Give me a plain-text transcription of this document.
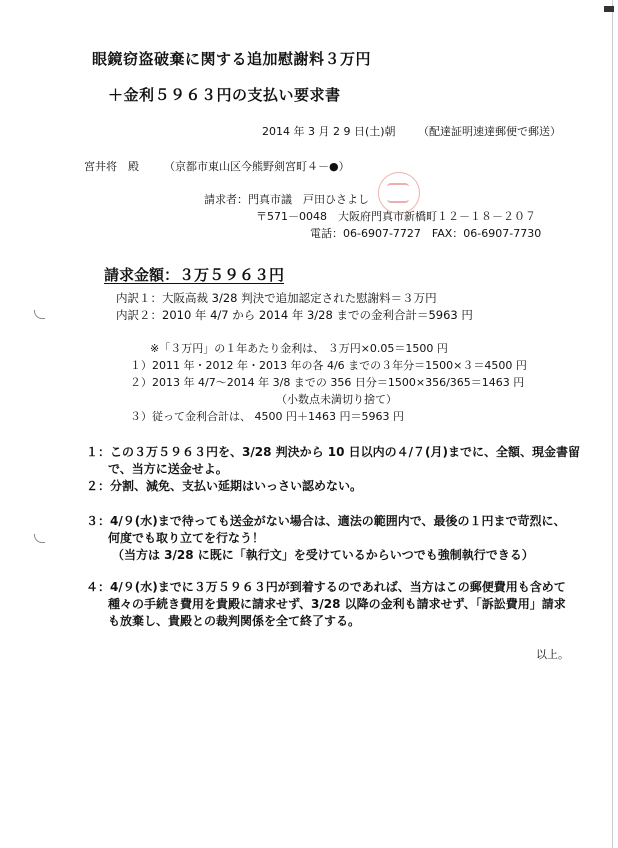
眼鏡窃盗破棄に関する追加慰謝料３万円
＋金利５９６３円の支払い要求書
2014 年 3 月 2 9 日(土)朝 （配達証明速達郵便で郵送）
宮井将　殿 （京都市東山区今熊野剣宮町４－●）
請求者：門真市議　戸田ひさよし
〒571－0048　大阪府門真市新橋町１２－１８－２０７
電話：06-6907-7727　FAX：06-6907-7730
請求金額：３万５９６３円
内訳１：大阪高裁 3/28 判決で追加認定された慰謝料＝３万円
内訳２：2010 年 4/7 から 2014 年 3/28 までの金利合計＝5963 円
※「３万円」の１年あたり金利は、 ３万円×0.05＝1500 円
１）2011 年・2012 年・2013 年の各 4/6 までの３年分＝1500×３＝4500 円
２）2013 年 4/7～2014 年 3/8 までの 356 日分＝1500×356/365＝1463 円
（小数点未満切り捨て）
３）従って金利合計は、 4500 円＋1463 円＝5963 円
１：この３万５９６３円を、3/28 判決から 10 日以内の４/７(月)までに、全額、現金書留
で、当方に送金せよ。
２：分割、減免、支払い延期はいっさい認めない。
３：4/９(水)まで待っても送金がない場合は、適法の範囲内で、最後の１円まで苛烈に、
何度でも取り立てを行なう！
（当方は 3/28 に既に「執行文」を受けているからいつでも強制執行できる）
４：4/９(水)までに３万５９６３円が到着するのであれば、当方はこの郵便費用も含めて
種々の手続き費用を貴殿に請求せず、3/28 以降の金利も請求せず、「訴訟費用」請求
も放棄し、貴殿との裁判関係を全て終了する。
以上。
